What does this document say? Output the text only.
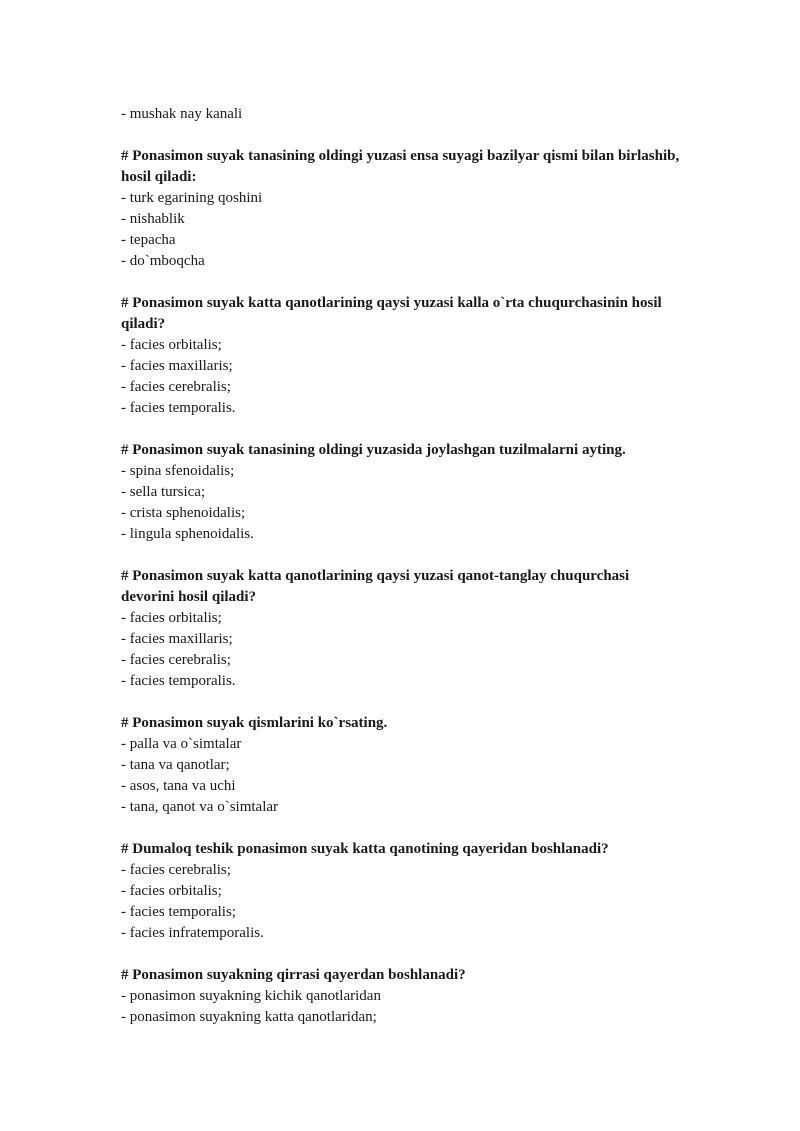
- mushak nay kanali
# Ponasimon suyak tanasining oldingi yuzasi ensa suyagi bazilyar qismi bilan birlashib, hosil qiladi:
- turk egarining qoshini
- nishablik
- tepacha
- do`mboqcha
# Ponasimon suyak katta qanotlarining qaysi yuzasi kalla o`rta chuqurchasinin hosil qiladi?
- facies orbitalis;
- facies maxillaris;
- facies cerebralis;
- facies temporalis.
# Ponasimon suyak tanasining oldingi yuzasida joylashgan tuzilmalarni ayting.
- spina sfenoidalis;
- sella tursica;
- crista sphenoidalis;
- lingula sphenoidalis.
# Ponasimon suyak katta qanotlarining qaysi yuzasi qanot-tanglay chuqurchasi devorini hosil qiladi?
- facies orbitalis;
- facies maxillaris;
- facies cerebralis;
- facies temporalis.
# Ponasimon suyak qismlarini ko`rsating.
- palla va o`simtalar
- tana va qanotlar;
- asos, tana va uchi
- tana, qanot va o`simtalar
# Dumaloq teshik ponasimon suyak katta qanotining qayeridan boshlanadi?
- facies cerebralis;
- facies orbitalis;
- facies temporalis;
- facies infratemporalis.
# Ponasimon suyakning qirrasi qayerdan boshlanadi?
- ponasimon suyakning kichik qanotlaridan
- ponasimon suyakning katta qanotlaridan;
